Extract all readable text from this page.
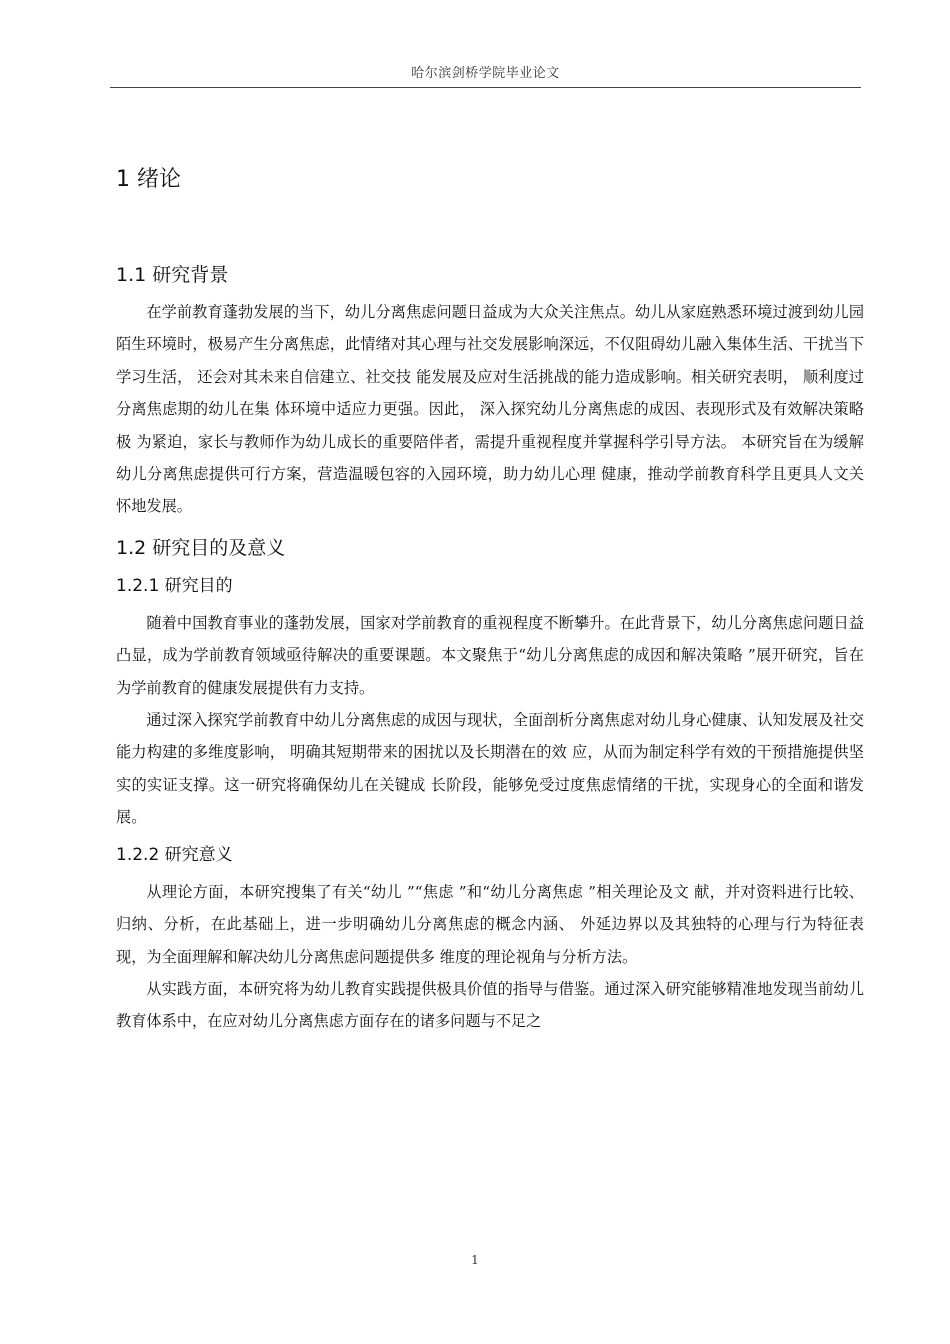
哈尔滨剑桥学院毕业论文
1 绪论
1.1 研究背景

在学前教育蓬勃发展的当下，幼儿分离焦虑问题日益成为大众关注焦点。幼儿从家庭熟悉环境过渡到幼儿园陌生环境时，极易产生分离焦虑，此情绪对其心理与社交发展影响深远，不仅阻碍幼儿融入集体生活、干扰当下学习生活， 还会对其未来自信建立、社交技 能发展及应对生活挑战的能力造成影响。相关研究表明， 顺利度过分离焦虑期的幼儿在集 体环境中适应力更强。因此， 深入探究幼儿分离焦虑的成因、表现形式及有效解决策略极 为紧迫，家长与教师作为幼儿成长的重要陪伴者，需提升重视程度并掌握科学引导方法。 本研究旨在为缓解幼儿分离焦虑提供可行方案，营造温暖包容的入园环境，助力幼儿心理 健康，推动学前教育科学且更具人文关怀地发展。

1.2 研究目的及意义
1.2.1 研究目的

随着中国教育事业的蓬勃发展，国家对学前教育的重视程度不断攀升。在此背景下，幼儿分离焦虑问题日益凸显，成为学前教育领域亟待解决的重要课题。本文聚焦于“幼儿分离焦虑的成因和解决策略 ”展开研究，旨在为学前教育的健康发展提供有力支持。

通过深入探究学前教育中幼儿分离焦虑的成因与现状，全面剖析分离焦虑对幼儿身心健康、认知发展及社交能力构建的多维度影响， 明确其短期带来的困扰以及长期潜在的效 应，从而为制定科学有效的干预措施提供坚实的实证支撑。这一研究将确保幼儿在关键成 长阶段，能够免受过度焦虑情绪的干扰，实现身心的全面和谐发展。

1.2.2 研究意义

从理论方面，本研究搜集了有关“幼儿 ”“焦虑 ”和“幼儿分离焦虑 ”相关理论及文 献，并对资料进行比较、归纳、分析，在此基础上，进一步明确幼儿分离焦虑的概念内涵、 外延边界以及其独特的心理与行为特征表现，为全面理解和解决幼儿分离焦虑问题提供多 维度的理论视角与分析方法。

从实践方面，本研究将为幼儿教育实践提供极具价值的指导与借鉴。通过深入研究能够精准地发现当前幼儿教育体系中，在应对幼儿分离焦虑方面存在的诸多问题与不足之

1
